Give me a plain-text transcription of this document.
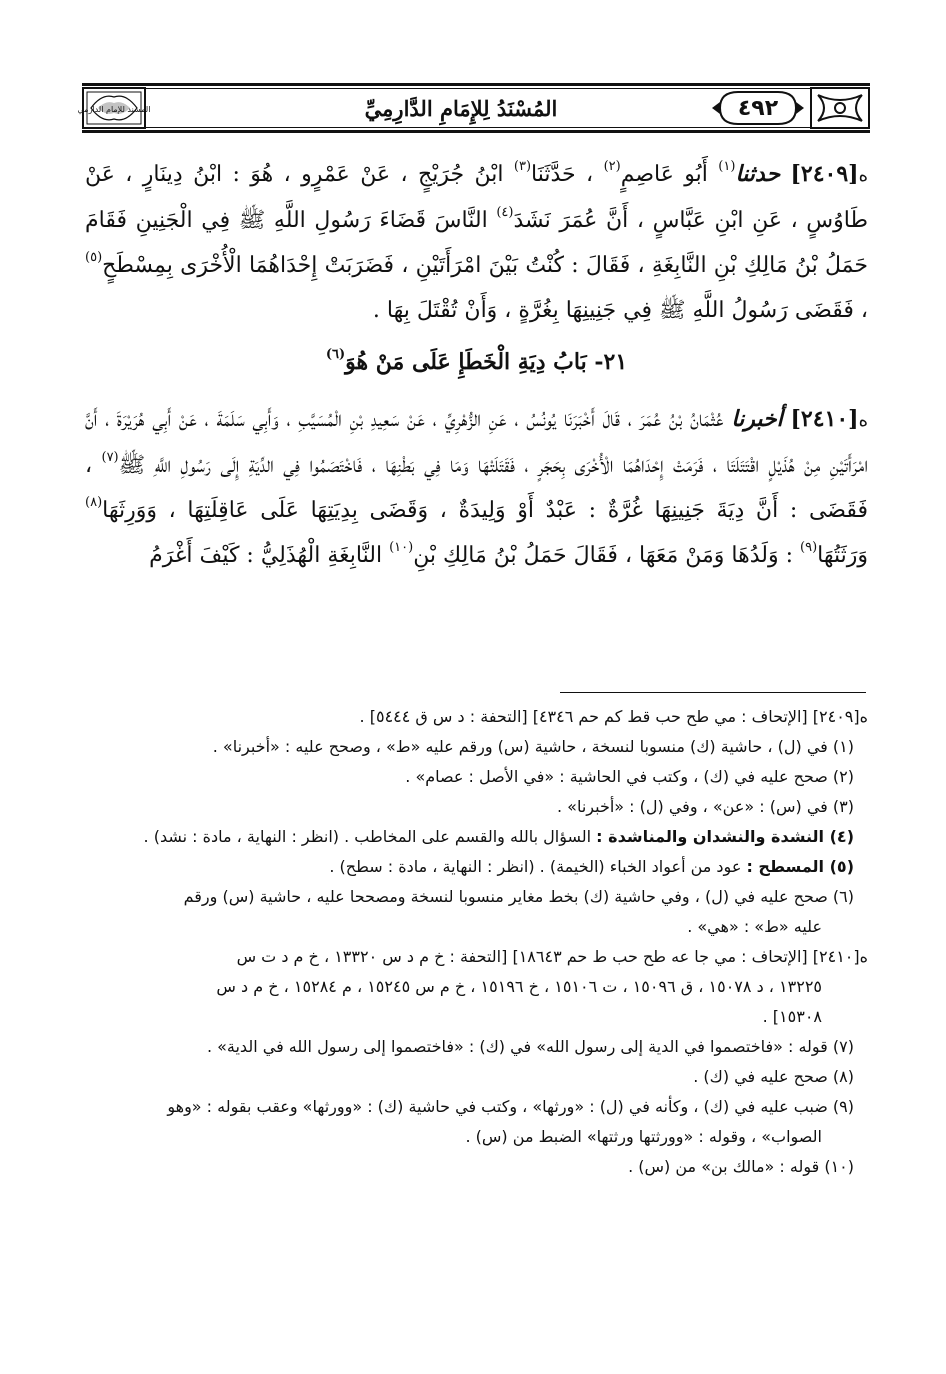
المسند للإمام الدارمي	المُسْنَدُ لِلإِمَامِ الدَّارِمِيِّ	٤٩٢

ه[٢٤٠٩] حدثنا$^{(١)}$ أَبُو عَاصِمٍ$^{(٢)}$ ، حَدَّثَنَا$^{(٣)}$ ابْنُ جُرَيْجٍ ، عَنْ عَمْرٍو ، هُوَ : ابْنُ دِينَارٍ ، عَنْ طَاوُسٍ ، عَنِ ابْنِ عَبَّاسٍ ، أَنَّ عُمَرَ نَشَدَ$^{(٤)}$ النَّاسَ قَضَاءَ رَسُولِ اللَّهِ ﷺ فِي الْجَنِينِ فَقَامَ حَمَلُ بْنُ مَالِكِ بْنِ النَّابِغَةِ ، فَقَالَ : كُنْتُ بَيْنَ امْرَأَتَيْنِ ، فَضَرَبَتْ إِحْدَاهُمَا الْأُخْرَى بِمِسْطَحٍ$^{(٥)}$ ، فَقَضَى رَسُولُ اللَّهِ ﷺ فِي جَنِينِهَا بِغُرَّةٍ ، وَأَنْ تُقْتَلَ بِهَا .

٢١- بَابُ دِيَةِ الْخَطَإِ عَلَى مَنْ هُوَ$^{(٦)}$

ه[٢٤١٠] أخبرنا عُثْمَانُ بْنُ عُمَرَ ، قَالَ أَخْبَرَنَا يُونُسُ ، عَنِ الزُّهْرِيِّ ، عَنْ سَعِيدِ بْنِ الْمُسَيَّبِ ، وَأَبِي سَلَمَةَ ، عَنْ أَبِي هُرَيْرَةَ ، أَنَّ امْرَأَتَيْنِ مِنْ هُذَيْلٍ اقْتَتَلَتَا ، فَرَمَتْ إِحْدَاهُمَا الْأُخْرَى بِحَجَرٍ ، فَقَتَلَتْهَا وَمَا فِي بَطْنِهَا ، فَاخْتَصَمُوا فِي الدِّيَةِ إِلَى رَسُولِ اللَّهِ ﷺ$^{(٧)}$ ، فَقَضَى : أَنَّ دِيَةَ جَنِينِهَا غُرَّةٌ : عَبْدٌ أَوْ وَلِيدَةٌ ، وَقَضَى بِدِيَتِهَا عَلَى عَاقِلَتِهَا ، وَوَرِثَهَا$^{(٨)}$ وَرَثَتُهَا$^{(٩)}$ : وَلَدُهَا وَمَنْ مَعَهَا ، فَقَالَ حَمَلُ بْنُ مَالِكِ بْنِ$^{(١٠)}$ النَّابِغَةِ الْهُذَلِيُّ : كَيْفَ أَغْرَمُ

ه[٢٤٠٩] [الإتحاف : مي طح حب قط كم حم ٤٣٤٦] [التحفة : د س ق ٥٤٤٤] .

(١) في (ل) ، حاشية (ك) منسوبا لنسخة ، حاشية (س) ورقم عليه «ط» ، وصحح عليه : «أخبرنا» .

(٢) صحح عليه في (ك) ، وكتب في الحاشية : «في الأصل : عصام» .

(٣) في (س) : «عن» ، وفي (ل) : «أخبرنا» .

(٤) النشدة والنشدان والمناشدة : السؤال بالله والقسم على المخاطب . (انظر : النهاية ، مادة : نشد) .

(٥) المسطح : عود من أعواد الخباء (الخيمة) . (انظر : النهاية ، مادة : سطح) .

(٦) صحح عليه في (ل) ، وفي حاشية (ك) بخط مغاير منسوبا لنسخة ومصححا عليه ، حاشية (س) ورقم

عليه «ط» : «هي» .

ه[٢٤١٠] [الإتحاف : مي جا عه طح حب ط حم ١٨٦٤٣] [التحفة : خ م د س ١٣٣٢٠ ، خ م د ت س

١٣٢٢٥ ، د ١٥٠٧٨ ، ق ١٥٠٩٦ ، ت ١٥١٠٦ ، خ ١٥١٩٦ ، خ م س ١٥٢٤٥ ، م ١٥٢٨٤ ، خ م د س

١٥٣٠٨] .

(٧) قوله : «فاختصموا في الدية إلى رسول الله» في (ك) : «فاختصموا إلى رسول الله في الدية» .

(٨) صحح عليه في (ك) .

(٩) ضبب عليه في (ك) ، وكأنه في (ل) : «ورثها» ، وكتب في حاشية (ك) : «وورثها» وعقب بقوله : «وهو

الصواب» ، وقوله : «وورثتها ورثتها» الضبط من (س) .

(١٠) قوله : «مالك بن» من (س) .
